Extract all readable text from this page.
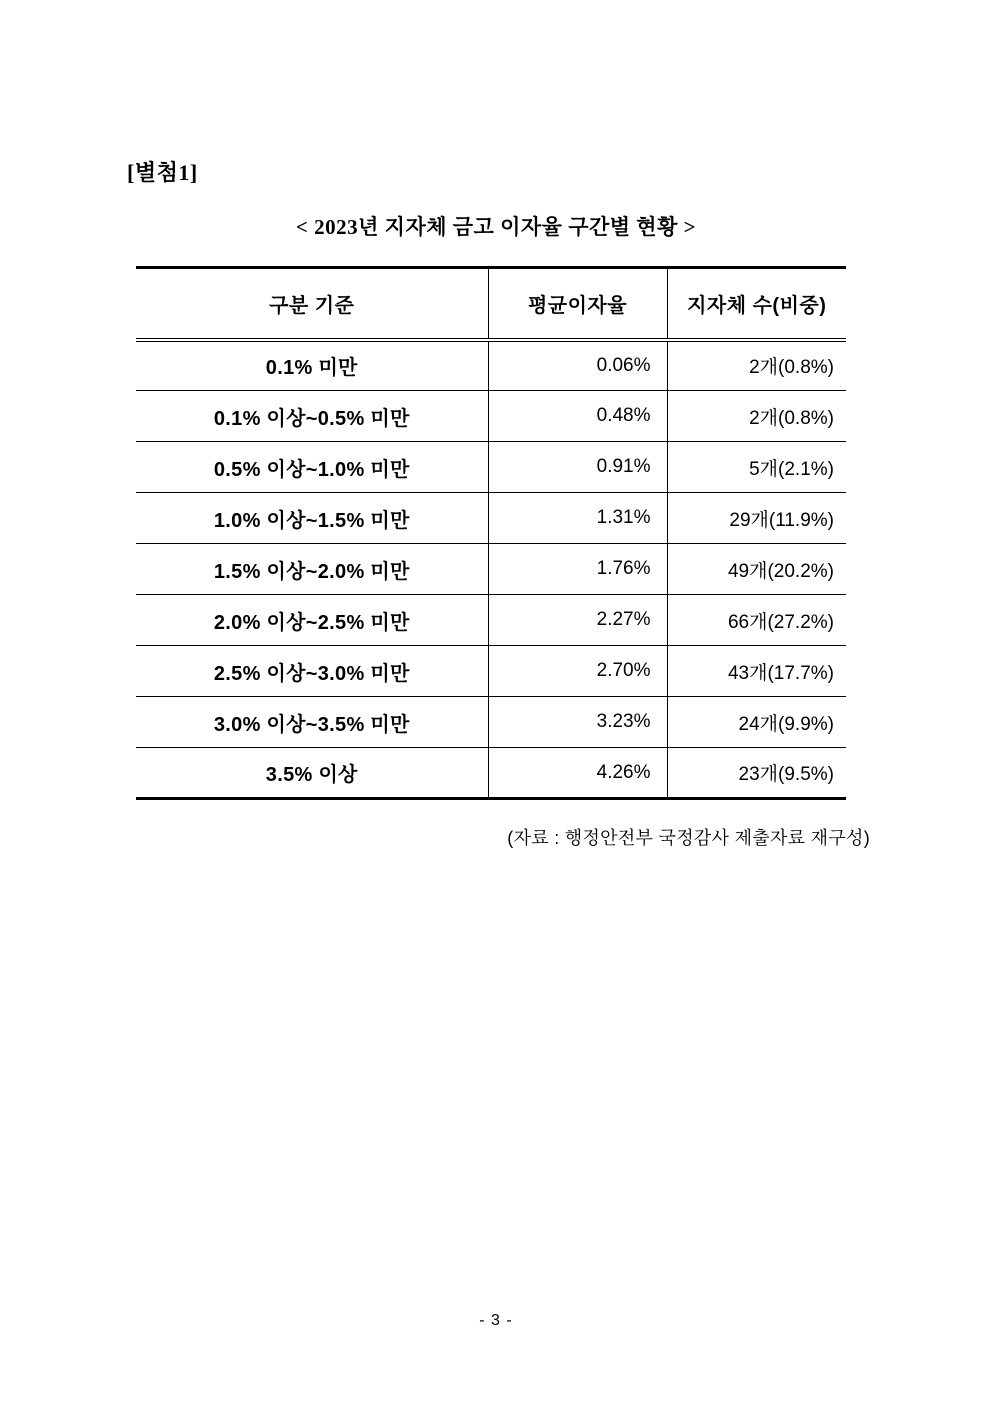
[별첨1]
< 2023년 지자체 금고 이자율 구간별 현황 >
구분 기준	평균이자율	지자체 수(비중)
0.1% 미만	0.06%	2개(0.8%)
0.1% 이상~0.5% 미만	0.48%	2개(0.8%)
0.5% 이상~1.0% 미만	0.91%	5개(2.1%)
1.0% 이상~1.5% 미만	1.31%	29개(11.9%)
1.5% 이상~2.0% 미만	1.76%	49개(20.2%)
2.0% 이상~2.5% 미만	2.27%	66개(27.2%)
2.5% 이상~3.0% 미만	2.70%	43개(17.7%)
3.0% 이상~3.5% 미만	3.23%	24개(9.9%)
3.5% 이상	4.26%	23개(9.5%)
(자료 : 행정안전부 국정감사 제출자료 재구성)
- 3 -
